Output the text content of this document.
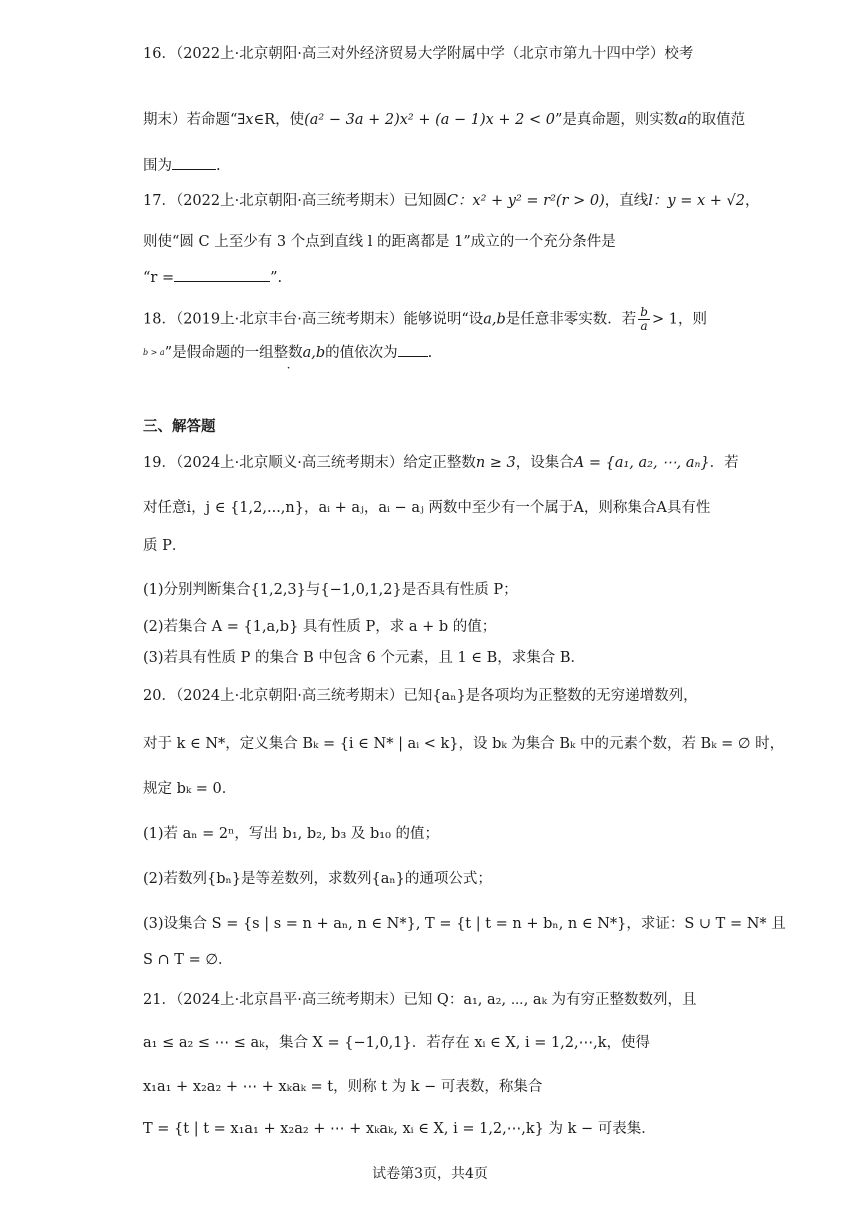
16．（2022上·北京朝阳·高三对外经济贸易大学附属中学（北京市第九十四中学）校考
期末）若命题“∃x∈R，使(a² − 3a + 2)x² + (a − 1)x + 2 < 0”是真命题，则实数a的取值范
围为	.
17．（2022上·北京朝阳·高三统考期末）已知圆C：x² + y² = r²(r > 0)，直线l：y = x + √2，
则使“圆 C 上至少有 3 个点到直线 l 的距离都是 1”成立的一个充分条件是
“r =	”.
18．（2019上·北京丰台·高三统考期末）能够说明“设a,b是任意非零实数．若 $\frac{b}{a} > 1$，则
b > a”是假命题的一组整数a,b的值依次为 .
三、解答题
19．（2024上·北京顺义·高三统考期末）给定正整数n ≥ 3，设集合A = {a₁, a₂, ⋯, aₙ}．若
对任意i，j ∈ {1,2,...,n}，aᵢ + aⱼ，aᵢ − aⱼ 两数中至少有一个属于A，则称集合A具有性
质 P．
(1)分别判断集合{1,2,3}与{−1,0,1,2}是否具有性质 P；
(2)若集合 A = {1,a,b} 具有性质 P，求 a + b 的值；
(3)若具有性质 P 的集合 B 中包含 6 个元素，且 1 ∈ B，求集合 B．
20．（2024上·北京朝阳·高三统考期末）已知{aₙ}是各项均为正整数的无穷递增数列，
对于 k ∈ N*，定义集合 Bₖ = {i ∈ N* | aᵢ < k}，设 bₖ 为集合 Bₖ 中的元素个数，若 Bₖ = ∅ 时，
规定 bₖ = 0．
(1)若 aₙ = 2ⁿ，写出 b₁, b₂, b₃ 及 b₁₀ 的值；
(2)若数列{bₙ}是等差数列，求数列{aₙ}的通项公式；
(3)设集合 S = {s | s = n + aₙ, n ∈ N*}, T = {t | t = n + bₙ, n ∈ N*}，求证：S ∪ T = N* 且
S ∩ T = ∅．
21．（2024上·北京昌平·高三统考期末）已知 Q：a₁, a₂, ⋯, aₖ 为有穷正整数数列，且
a₁ ≤ a₂ ≤ ⋯ ≤ aₖ，集合 X = {−1,0,1}．若存在 xᵢ ∈ X, i = 1,2,⋯,k，使得
x₁a₁ + x₂a₂ + ⋯ + xₖaₖ = t，则称 t 为 k − 可表数，称集合
T = {t | t = x₁a₁ + x₂a₂ + ⋯ + xₖaₖ, xᵢ ∈ X, i = 1,2,⋯,k} 为 k − 可表集．
试卷第3页，共4页
